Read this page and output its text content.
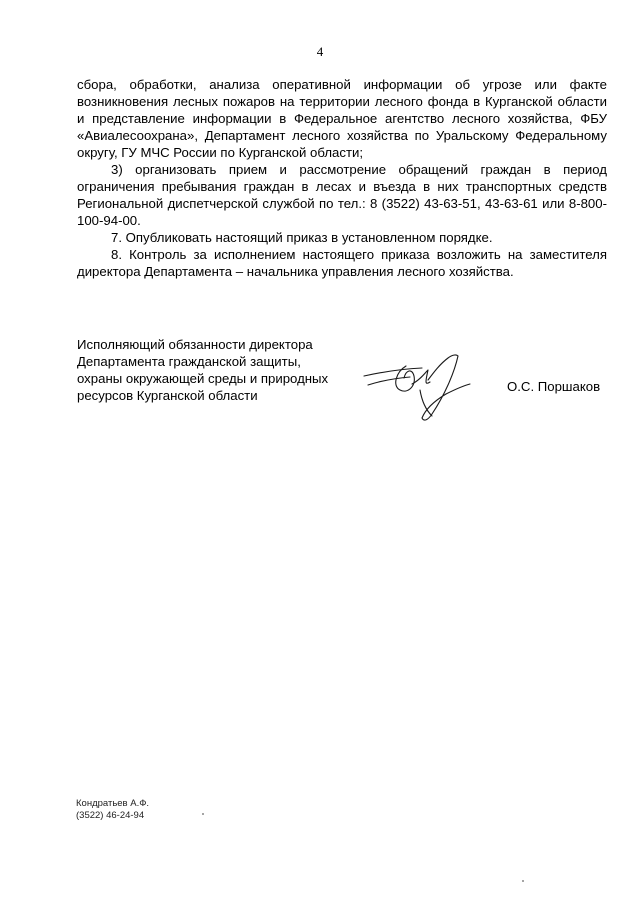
4

сбора, обработки, анализа оперативной информации об угрозе или факте возникновения лесных пожаров на территории лесного фонда в Курганской области и представление информации в Федеральное агентство лесного хозяйства, ФБУ «Авиалесоохрана», Департамент лесного хозяйства по Уральскому Федеральному округу, ГУ МЧС России по Курганской области;

3) организовать прием и рассмотрение обращений граждан в период ограничения пребывания граждан в лесах и въезда в них транспортных средств Региональной диспетчерской службой по тел.: 8 (3522) 43-63-51, 43-63-61 или 8-800-100-94-00.

7. Опубликовать настоящий приказ в установленном порядке.

8. Контроль за исполнением настоящего приказа возложить на заместителя директора Департамента – начальника управления лесного хозяйства.

Исполняющий обязанности директора
Департамента гражданской защиты,
охраны окружающей среды и природных
ресурсов Курганской области
О.С. Поршаков
Кондратьев А.Ф.
(3522) 46-24-94
